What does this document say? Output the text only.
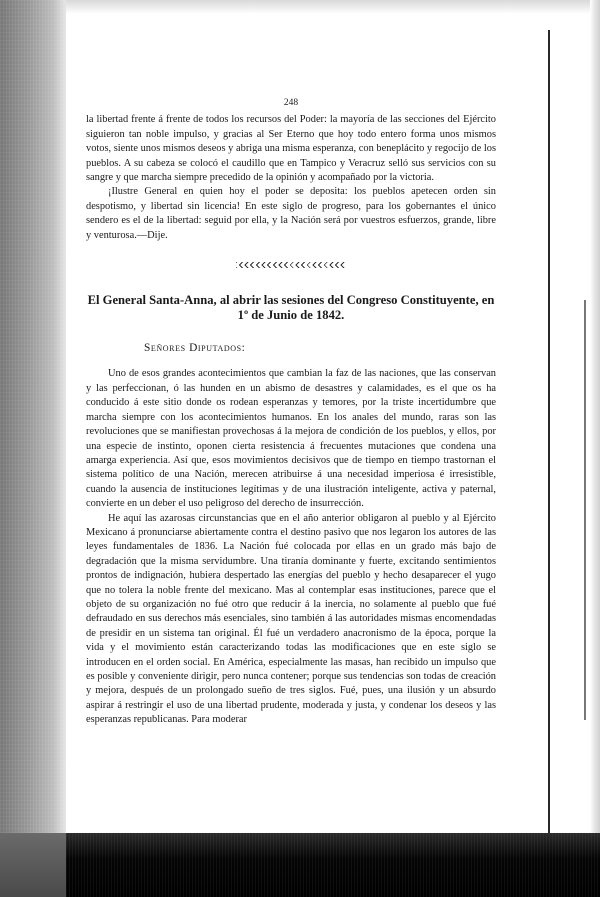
248

la libertad frente á frente de todos los recursos del Poder: la mayoría de las secciones del Ejército siguieron tan noble impulso, y gracias al Ser Eterno que hoy todo entero forma unos mismos votos, siente unos mismos deseos y abriga una misma esperanza, con beneplácito y regocijo de los pueblos. A su cabeza se colocó el caudillo que en Tampico y Veracruz selló sus servicios con su sangre y que marcha siempre precedido de la opinión y acompañado por la victoria.

¡Ilustre General en quien hoy el poder se deposita: los pueblos apetecen orden sin despotismo, y libertad sin licencia! En este siglo de progreso, para los gobernantes el único sendero es el de la libertad: seguid por ella, y la Nación será por vuestros esfuerzos, grande, libre y venturosa.—Dije.

El General Santa-Anna, al abrir las sesiones del Congreso Constituyente, en 1º de Junio de 1842.
Señores Diputados:

Uno de esos grandes acontecimientos que cambian la faz de las naciones, que las conservan y las perfeccionan, ó las hunden en un abismo de desastres y calamidades, es el que os ha conducido á este sitio donde os rodean esperanzas y temores, por la triste incertidumbre que marcha siempre con los acontecimientos humanos. En los anales del mundo, raras son las revoluciones que se manifiestan provechosas á la mejora de condición de los pueblos, y ellos, por una especie de instinto, oponen cierta resistencia á frecuentes mutaciones que condena una amarga experiencia. Así que, esos movimientos decisivos que de tiempo en tiempo trastornan el sistema político de una Nación, merecen atribuirse á una necesidad imperiosa é irresistible, cuando la ausencia de instituciones legítimas y de una ilustración inteligente, activa y paternal, convierte en un deber el uso peligroso del derecho de insurrección.

He aquí las azarosas circunstancias que en el año anterior obligaron al pueblo y al Ejército Mexicano á pronunciarse abiertamente contra el destino pasivo que nos legaron los autores de las leyes fundamentales de 1836. La Nación fué colocada por ellas en un grado más bajo de degradación que la misma servidumbre. Una tiranía dominante y fuerte, excitando sentimientos prontos de indignación, hubiera despertado las energías del pueblo y hecho desaparecer el yugo que no tolera la noble frente del mexicano. Mas al contemplar esas instituciones, parece que el objeto de su organización no fué otro que reducir á la inercia, no solamente al pueblo que fué defraudado en sus derechos más esenciales, sino también á las autoridades mismas encomendadas de presidir en un sistema tan original. Él fué un verdadero anacronismo de la época, porque la vida y el movimiento están caracterizando todas las modificaciones que en este siglo se introducen en el orden social. En América, especialmente las masas, han recibido un impulso que es posible y conveniente dirigir, pero nunca contener; porque sus tendencias son todas de creación y mejora, después de un prolongado sueño de tres siglos. Fué, pues, una ilusión y un absurdo aspirar á restringir el uso de una libertad prudente, moderada y justa, y condenar los deseos y las esperanzas republicanas. Para moderar
